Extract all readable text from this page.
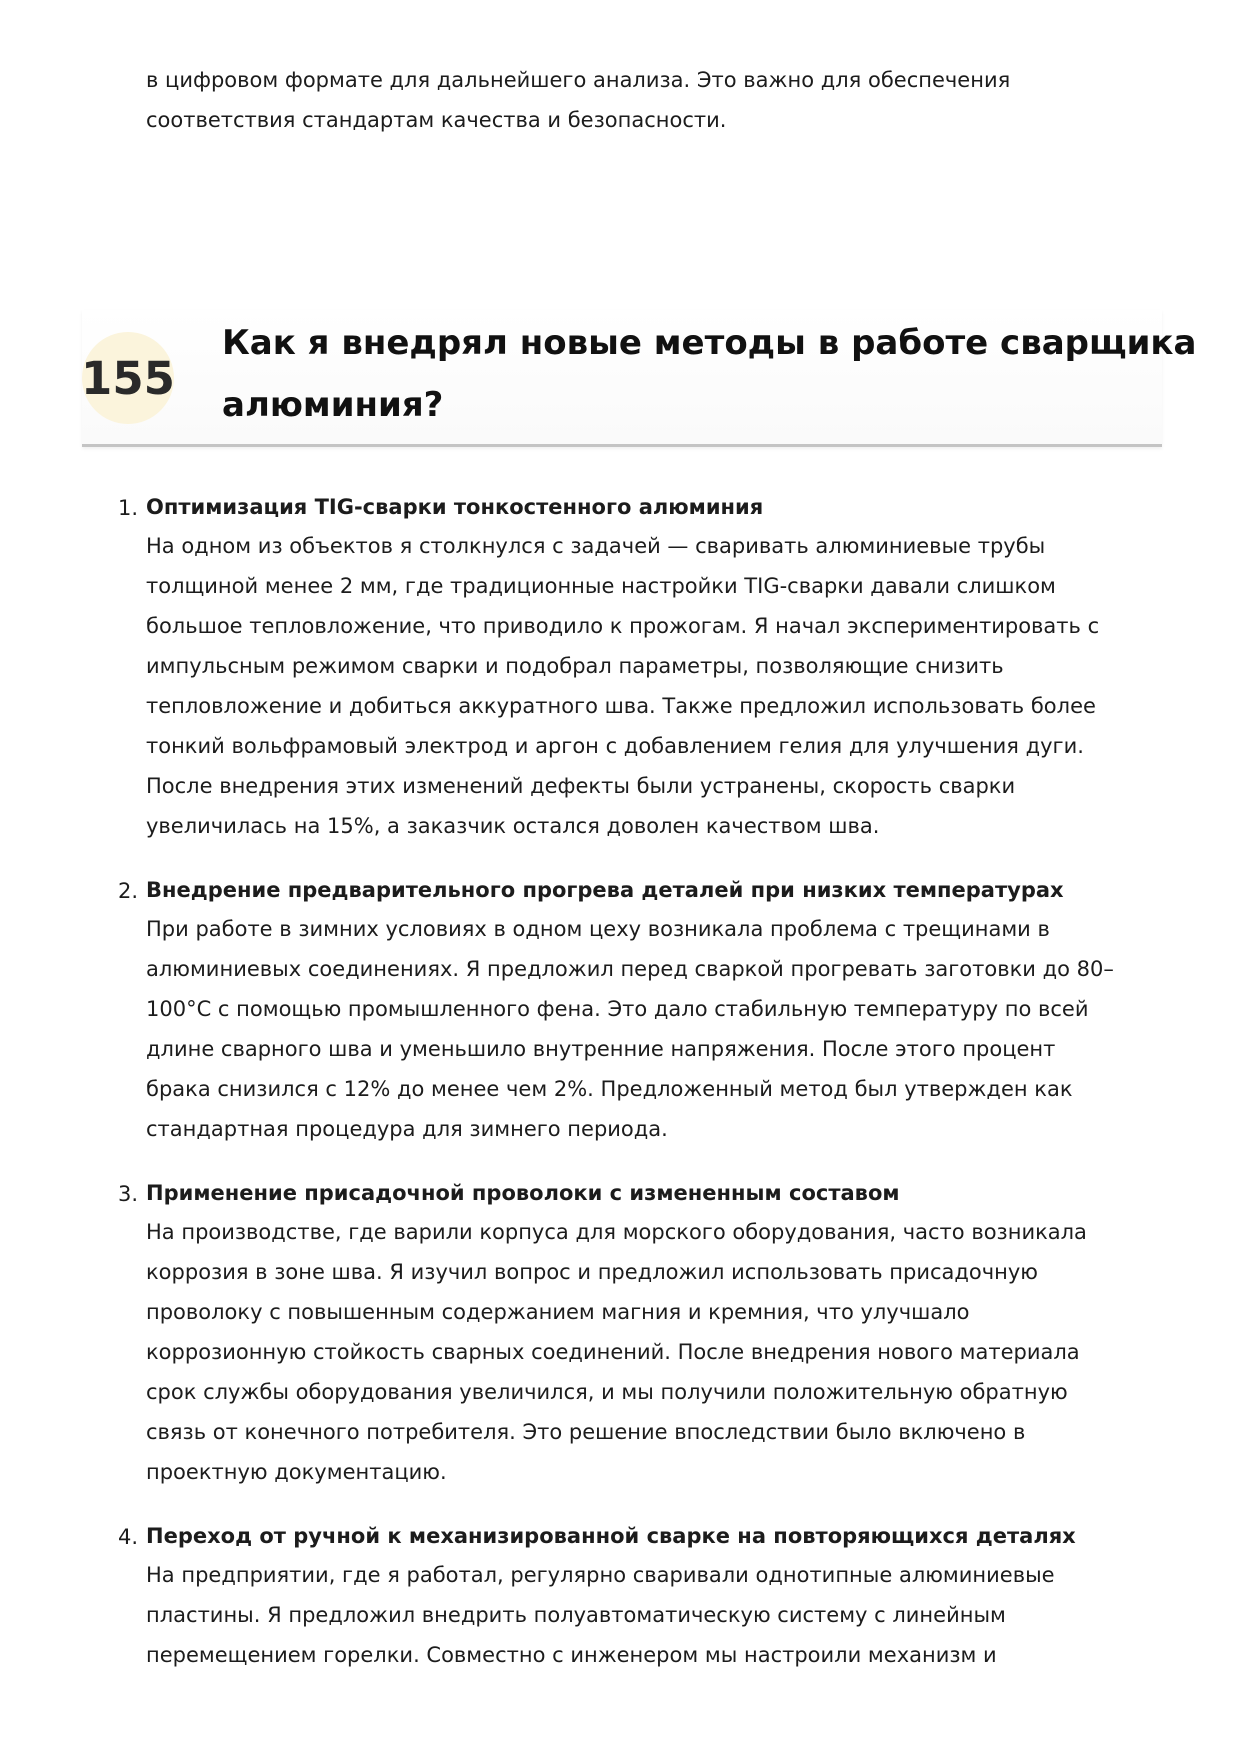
в цифровом формате для дальнейшего анализа. Это важно для обеспечения
соответствия стандартам качества и безопасности.
155
Как я внедрял новые методы в работе сварщика
алюминия?
1. Оптимизация TIG-сварки тонкостенного алюминия
На одном из объектов я столкнулся с задачей — сваривать алюминиевые трубы
толщиной менее 2 мм, где традиционные настройки TIG-сварки давали слишком
большое тепловложение, что приводило к прожогам. Я начал экспериментировать с
импульсным режимом сварки и подобрал параметры, позволяющие снизить
тепловложение и добиться аккуратного шва. Также предложил использовать более
тонкий вольфрамовый электрод и аргон с добавлением гелия для улучшения дуги.
После внедрения этих изменений дефекты были устранены, скорость сварки
увеличилась на 15%, а заказчик остался доволен качеством шва.
2. Внедрение предварительного прогрева деталей при низких температурах
При работе в зимних условиях в одном цеху возникала проблема с трещинами в
алюминиевых соединениях. Я предложил перед сваркой прогревать заготовки до 80–
100°C с помощью промышленного фена. Это дало стабильную температуру по всей
длине сварного шва и уменьшило внутренние напряжения. После этого процент
брака снизился с 12% до менее чем 2%. Предложенный метод был утвержден как
стандартная процедура для зимнего периода.
3. Применение присадочной проволоки с измененным составом
На производстве, где варили корпуса для морского оборудования, часто возникала
коррозия в зоне шва. Я изучил вопрос и предложил использовать присадочную
проволоку с повышенным содержанием магния и кремния, что улучшало
коррозионную стойкость сварных соединений. После внедрения нового материала
срок службы оборудования увеличился, и мы получили положительную обратную
связь от конечного потребителя. Это решение впоследствии было включено в
проектную документацию.
4. Переход от ручной к механизированной сварке на повторяющихся деталях
На предприятии, где я работал, регулярно сваривали однотипные алюминиевые
пластины. Я предложил внедрить полуавтоматическую систему с линейным
перемещением горелки. Совместно с инженером мы настроили механизм и
